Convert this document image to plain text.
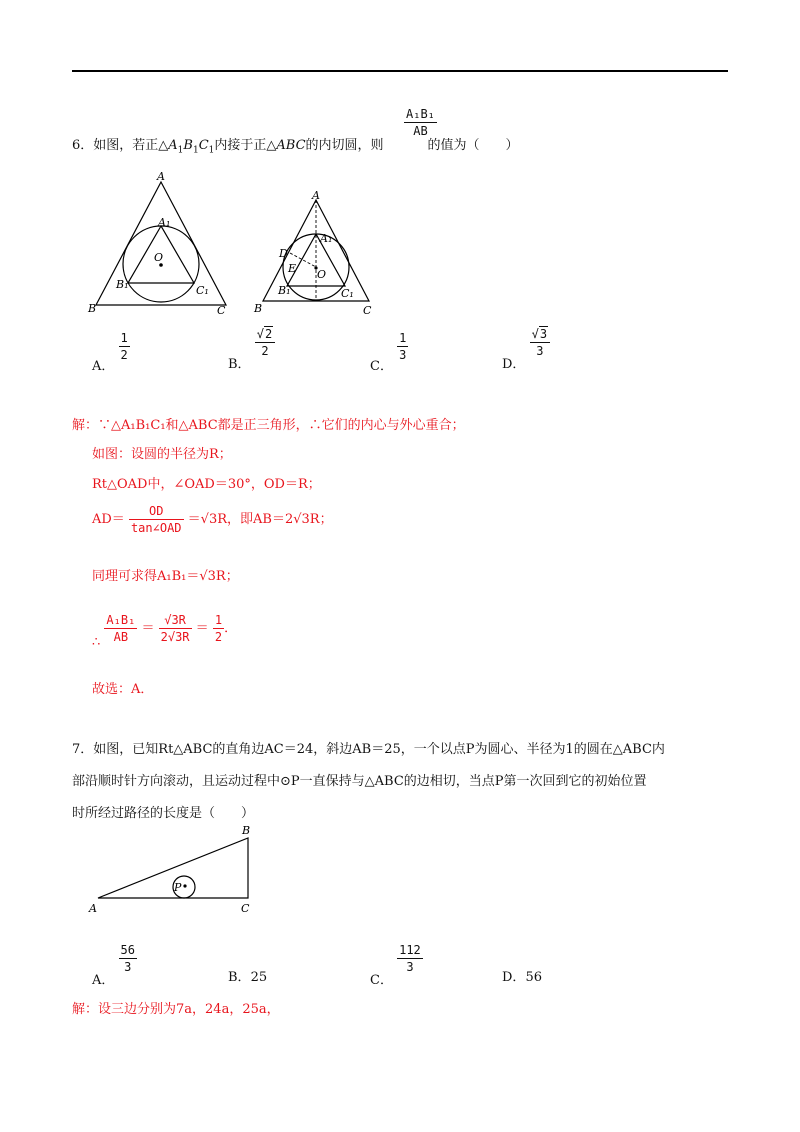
$\frac{\text{A₁B₁}}{AB}$
6．如图，若正$\triangle A_1B_1C_1$内接于正△ABC的内切圆，则	的值为（　　）
A
A₁
O
B₁	C₁
B	C
A
A₁
D
E O
B₁	C₁
B	C
A．
$\frac{1}{2}$
B．
$\frac{√2}{2}$
C．
$\frac{1}{3}$
D．
$\frac{√3}{3}$
解：∵△A₁B₁C₁和△ABC都是正三角形，∴它们的内心与外心重合；
如图：设圆的半径为R；
Rt△OAD中，∠OAD＝30°，OD＝R；
$AD= \frac{OD}{\text{tan∠OAD}} =√3R$，即AB＝2√3R；
同理可求得A₁B₁＝√3R；
∴ $\frac{\text{A₁B₁}}{AB} = \frac{√3R}{2√3R} = \frac{1}{2}$ ．
故选：A．
7．如图，已知Rt△ABC的直角边AC＝24，斜边AB＝25，一个以点P为圆心、半径为1的圆在△ABC内
部沿顺时针方向滚动，且运动过程中⊙P一直保持与△ABC的边相切，当点P第一次回到它的初始位置
时所经过路径的长度是（　　）
P
B
A	C
A．
$\frac{56}{3}$
B．25	C．
$\frac{112}{3}$
D．56
解：设三边分别为7a，24a，25a，
